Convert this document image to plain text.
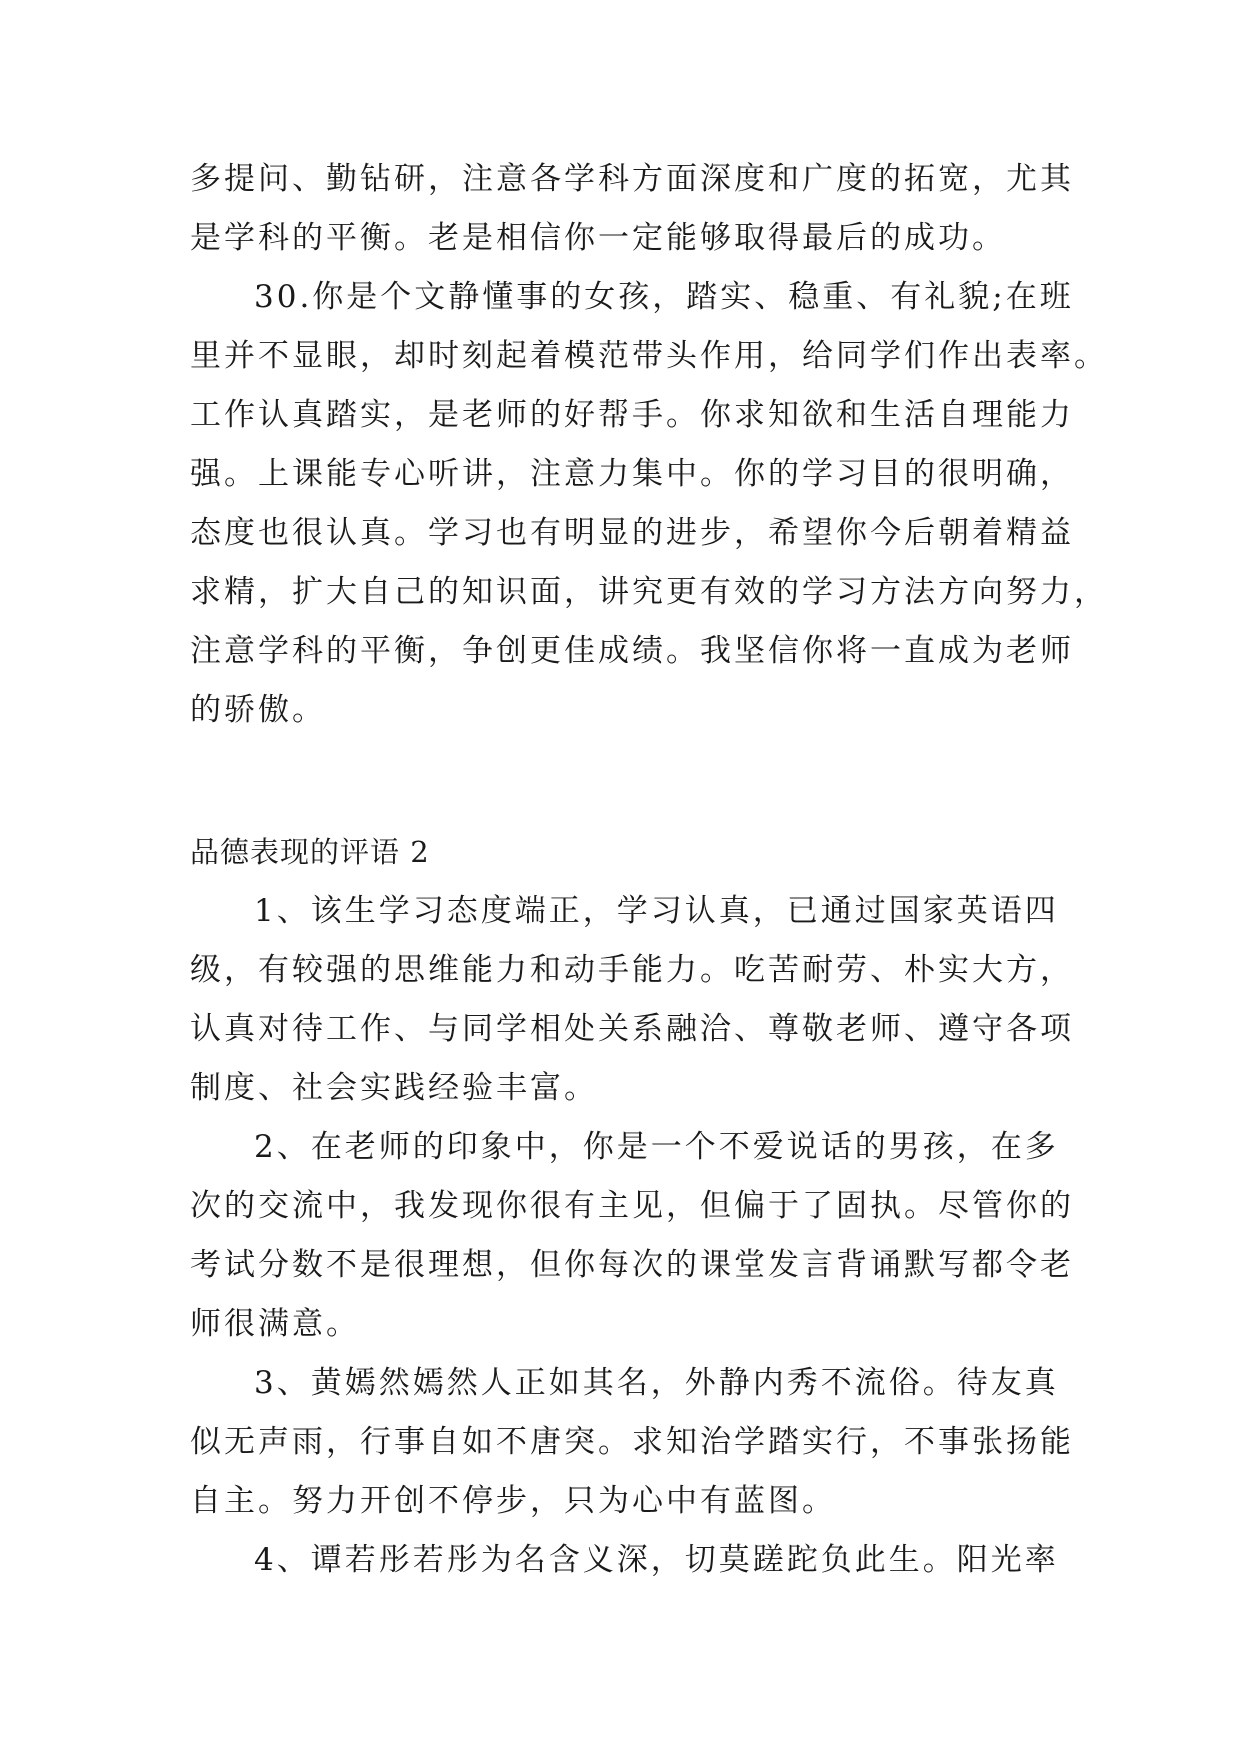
多提问、勤钻研，注意各学科方面深度和广度的拓宽，尤其
是学科的平衡。老是相信你一定能够取得最后的成功。
30.你是个文静懂事的女孩，踏实、稳重、有礼貌;在班
里并不显眼，却时刻起着模范带头作用，给同学们作出表率。
工作认真踏实，是老师的好帮手。你求知欲和生活自理能力
强。上课能专心听讲，注意力集中。你的学习目的很明确，
态度也很认真。学习也有明显的进步，希望你今后朝着精益
求精，扩大自己的知识面，讲究更有效的学习方法方向努力，
注意学科的平衡，争创更佳成绩。我坚信你将一直成为老师
的骄傲。
品德表现的评语 2
1、该生学习态度端正，学习认真，已通过国家英语四
级，有较强的思维能力和动手能力。吃苦耐劳、朴实大方，
认真对待工作、与同学相处关系融洽、尊敬老师、遵守各项
制度、社会实践经验丰富。
2、在老师的印象中，你是一个不爱说话的男孩，在多
次的交流中，我发现你很有主见，但偏于了固执。尽管你的
考试分数不是很理想，但你每次的课堂发言背诵默写都令老
师很满意。
3、黄嫣然嫣然人正如其名，外静内秀不流俗。待友真
似无声雨，行事自如不唐突。求知治学踏实行，不事张扬能
自主。努力开创不停步，只为心中有蓝图。
4、谭若彤若彤为名含义深，切莫蹉跎负此生。阳光率
